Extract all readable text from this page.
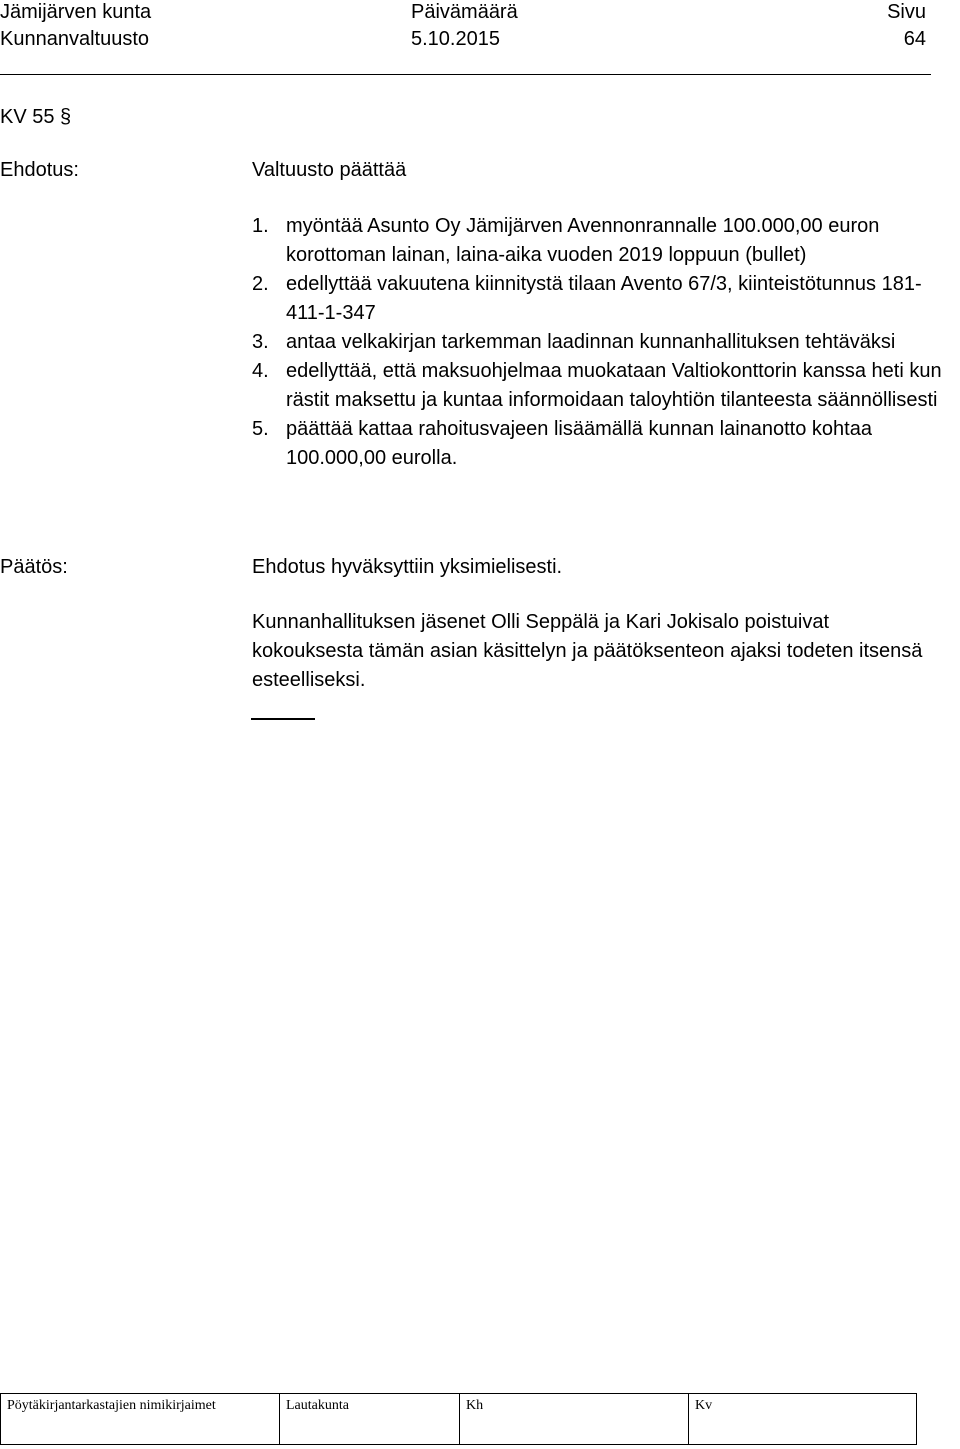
Jämijärven kunta
Kunnanvaltuusto
Päivämäärä
5.10.2015
Sivu
64
KV 55 §
Ehdotus:	Valtuusto päättää
1. myöntää Asunto Oy Jämijärven Avennonrannalle 100.000,00 euron korottoman lainan, laina-aika vuoden 2019 loppuun (bullet)
2. edellyttää vakuutena kiinnitystä tilaan Avento 67/3, kiinteistötunnus 181-411-1-347
3. antaa velkakirjan tarkemman laadinnan kunnanhallituksen tehtäväksi
4. edellyttää, että maksuohjelmaa muokataan Valtiokonttorin kanssa heti kun rästit maksettu ja kuntaa informoidaan taloyhtiön tilanteesta säännöllisesti
5. päättää kattaa rahoitusvajeen lisäämällä kunnan lainanotto kohtaa 100.000,00 eurolla.
Päätös:	Ehdotus hyväksyttiin yksimielisesti.
Kunnanhallituksen jäsenet Olli Seppälä ja Kari Jokisalo poistuivat kokouksesta tämän asian käsittelyn ja päätöksenteon ajaksi todeten itsensä esteelliseksi.
Pöytäkirjantarkastajien nimikirjaimet	Lautakunta	Kh	Kv
